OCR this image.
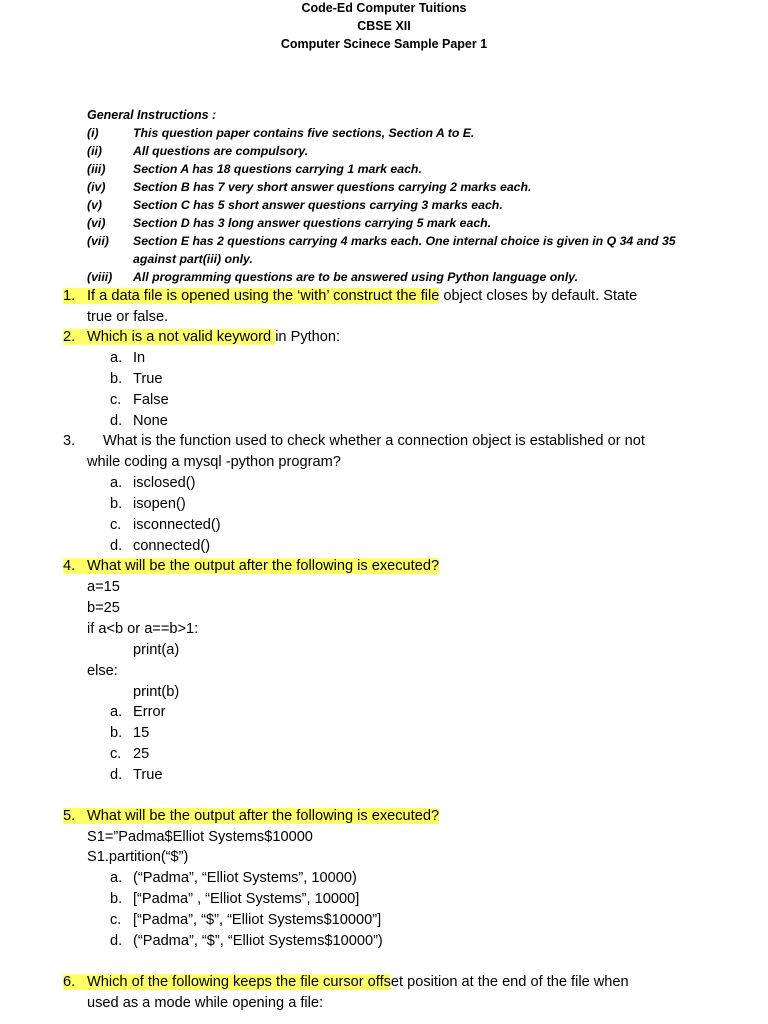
Code-Ed Computer Tuitions
CBSE XII
Computer Scinece Sample Paper 1
General Instructions :
(i)	This question paper contains five sections, Section A to E.
(ii)	All questions are compulsory.
(iii) Section A has 18 questions carrying 1 mark each.
(iv) Section B has 7 very short answer questions carrying 2 marks each.
(v)	Section C has 5 short answer questions carrying 3 marks each.
(vi) Section D has 3 long answer questions carrying 5 mark each.
(vii) Section E has 2 questions carrying 4 marks each. One internal choice is given in Q 34 and 35
against part(iii) only.
(viii) All programming questions are to be answered using Python language only.
1. If a data file is opened using the ‘with’ construct the file object closes by default. State
true or false.
2. Which is a not valid keyword in Python:
a. In
b. True
c. False
d. None
3. What is the function used to check whether a connection object is established or not
while coding a mysql -python program?
a. isclosed()
b. isopen()
c. isconnected()
d. connected()
4. What will be the output after the following is executed?
a=15
b=25
if a<b or a==b>1:
print(a)
else:
print(b)
a. Error
b. 15
c. 25
d. True
5. What will be the output after the following is executed?
S1=”Padma$Elliot Systems$10000
S1.partition(“$”)
a. (“Padma”, “Elliot Systems”, 10000)
b. [“Padma” , “Elliot Systems”, 10000]
c. [“Padma”, “$”, “Elliot Systems$10000”]
d. (“Padma”, “$”, “Elliot Systems$10000”)
6. Which of the following keeps the file cursor offset position at the end of the file when
used as a mode while opening a file:
